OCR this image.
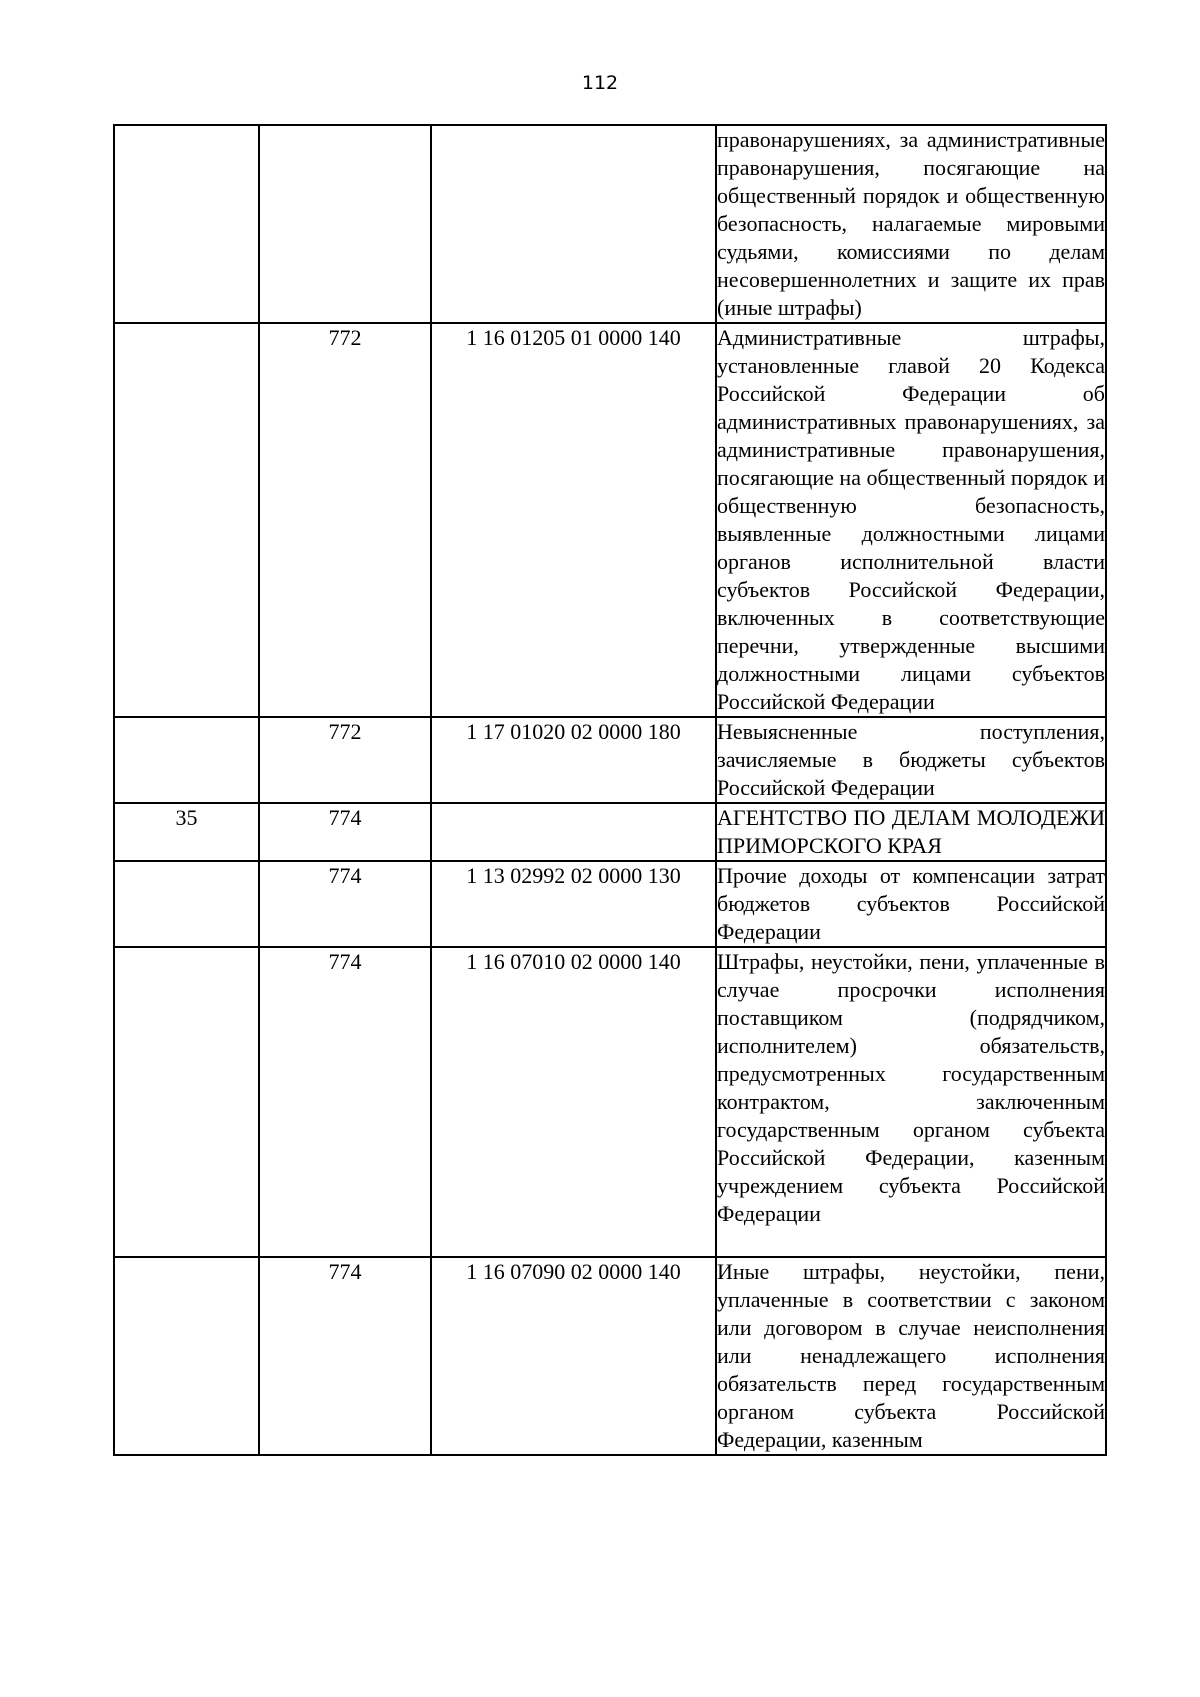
112
			правонарушениях, за административные правонарушения, посягающие на общественный порядок и общественную безопасность, налагаемые мировыми судьями, комиссиями по делам несовершеннолетних и защите их прав (иные штрафы)
	772	1 16 01205 01 0000 140	Административные штрафы, установленные главой 20 Кодекса Российской Федерации об административных правонарушениях, за административные правонарушения, посягающие на общественный порядок и общественную безопасность, выявленные должностными лицами органов исполнительной власти субъектов Российской Федерации, включенных в соответствующие перечни, утвержденные высшими должностными лицами субъектов Российской Федерации
	772	1 17 01020 02 0000 180	Невыясненные поступления, зачисляемые в бюджеты субъектов Российской Федерации
35	774		АГЕНТСТВО ПО ДЕЛАМ МОЛОДЕЖИ ПРИМОРСКОГО КРАЯ
	774	1 13 02992 02 0000 130	Прочие доходы от компенсации затрат бюджетов субъектов Российской Федерации
	774	1 16 07010 02 0000 140	Штрафы, неустойки, пени, уплаченные в случае просрочки исполнения поставщиком (подрядчиком, исполнителем) обязательств, предусмотренных государственным контрактом, заключенным государственным органом субъекта Российской Федерации, казенным учреждением субъекта Российской Федерации
	774	1 16 07090 02 0000 140	Иные штрафы, неустойки, пени, уплаченные в соответствии с законом или договором в случае неисполнения или ненадлежащего исполнения обязательств перед государственным органом субъекта Российской Федерации, казенным
